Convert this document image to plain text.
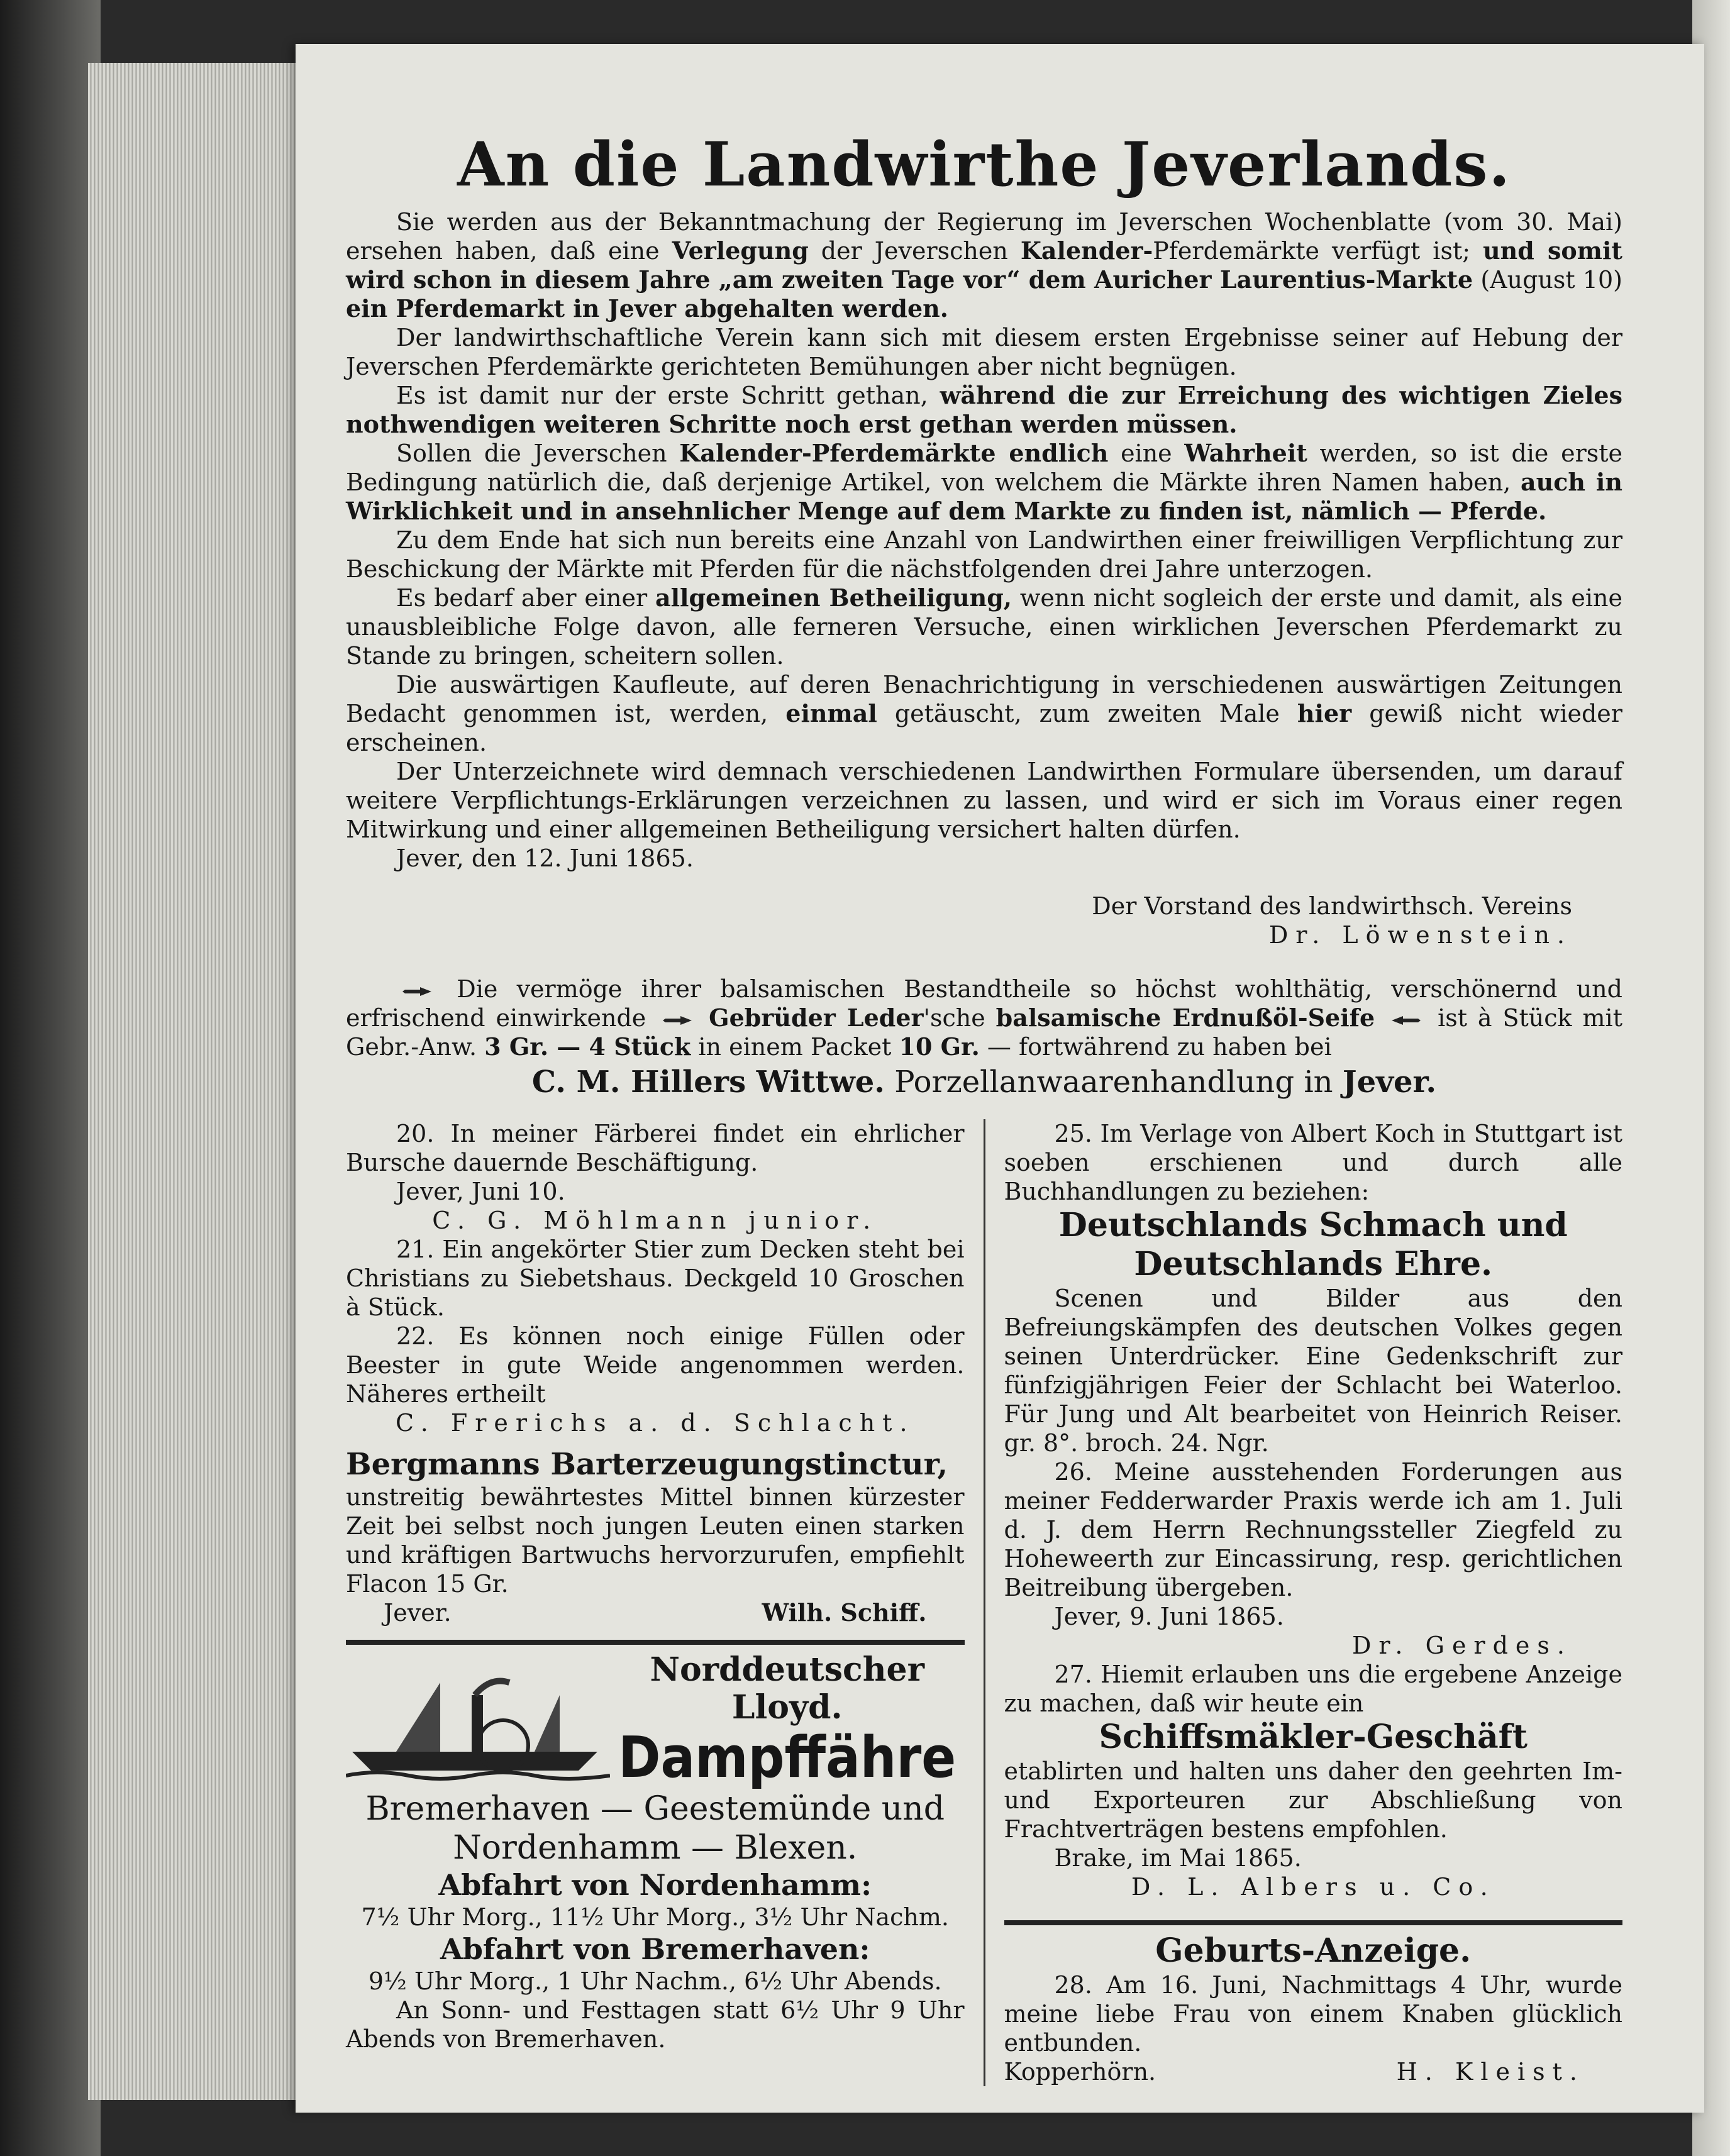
An die Landwirthe Jeverlands.

Sie werden aus der Bekanntmachung der Regierung im Jeverschen Wochenblatte (vom 30. Mai) ersehen haben, daß eine Verlegung der Jeverschen Kalender-Pferdemärkte verfügt ist; und somit wird schon in diesem Jahre „am zweiten Tage vor“ dem Auricher Laurentius-Markte (August 10) ein Pferdemarkt in Jever abgehalten werden.

Der landwirthschaftliche Verein kann sich mit diesem ersten Ergebnisse seiner auf Hebung der Jeverschen Pferdemärkte gerichteten Bemühungen aber nicht begnügen.

Es ist damit nur der erste Schritt gethan, während die zur Erreichung des wichtigen Zieles nothwendigen weiteren Schritte noch erst gethan werden müssen.

Sollen die Jeverschen Kalender-Pferdemärkte endlich eine Wahrheit werden, so ist die erste Bedingung natürlich die, daß derjenige Artikel, von welchem die Märkte ihren Namen haben, auch in Wirklichkeit und in ansehnlicher Menge auf dem Markte zu finden ist, nämlich — Pferde.

Zu dem Ende hat sich nun bereits eine Anzahl von Landwirthen einer freiwilligen Verpflichtung zur Beschickung der Märkte mit Pferden für die nächstfolgenden drei Jahre unterzogen.

Es bedarf aber einer allgemeinen Betheiligung, wenn nicht sogleich der erste und damit, als eine unausbleibliche Folge davon, alle ferneren Versuche, einen wirklichen Jeverschen Pferdemarkt zu Stande zu bringen, scheitern sollen.

Die auswärtigen Kaufleute, auf deren Benachrichtigung in verschiedenen auswärtigen Zeitungen Bedacht genommen ist, werden, einmal getäuscht, zum zweiten Male hier gewiß nicht wieder erscheinen.

Der Unterzeichnete wird demnach verschiedenen Landwirthen Formulare übersenden, um darauf weitere Verpflichtungs-Erklärungen verzeichnen zu lassen, und wird er sich im Voraus einer regen Mitwirkung und einer allgemeinen Betheiligung versichert halten dürfen.

Jever, den 12. Juni 1865.

Der Vorstand des landwirthsch. Vereins

Dr. Löwenstein.

Die vermöge ihrer balsamischen Bestandtheile so höchst wohlthätig, verschönernd und erfrischend einwirkende	Gebrüder Leder'sche balsamische Erdnußöl-Seife	ist à Stück mit Gebr.-Anw. 3 Gr. — 4 Stück in einem Packet 10 Gr. — fortwährend zu haben bei

C. M. Hillers Wittwe. Porzellanwaarenhandlung in Jever.

20. In meiner Färberei findet ein ehrlicher Bursche dauernde Beschäftigung.

Jever, Juni 10.

C. G. Möhlmann junior.

21. Ein angekörter Stier zum Decken steht bei Christians zu Siebetshaus. Deckgeld 10 Groschen à Stück.

22. Es können noch einige Füllen oder Beester in gute Weide angenommen werden. Näheres ertheilt

C. Frerichs a. d. Schlacht.

Bergmanns Barterzeugungstinctur,

unstreitig bewährtestes Mittel binnen kürzester Zeit bei selbst noch jungen Leuten einen starken und kräftigen Bartwuchs hervorzurufen, empfiehlt Flacon 15 Gr.

Jever.	Wilh. Schiff.

Norddeutscher
Lloyd.
Dampffähre
Bremerhaven — Geestemünde und Nordenhamm — Blexen.
Abfahrt von Nordenhamm:

7½ Uhr Morg., 11½ Uhr Morg., 3½ Uhr Nachm.

Abfahrt von Bremerhaven:

9½ Uhr Morg., 1 Uhr Nachm., 6½ Uhr Abends.

An Sonn- und Festtagen statt 6½ Uhr 9 Uhr Abends von Bremerhaven.

25. Im Verlage von Albert Koch in Stuttgart ist soeben erschienen und durch alle Buchhandlungen zu beziehen:

Deutschlands Schmach und
Deutschlands Ehre.

Scenen und Bilder aus den Befreiungskämpfen des deutschen Volkes gegen seinen Unterdrücker. Eine Gedenkschrift zur fünfzigjährigen Feier der Schlacht bei Waterloo. Für Jung und Alt bearbeitet von Heinrich Reiser. gr. 8°. broch. 24. Ngr.

26. Meine ausstehenden Forderungen aus meiner Fedderwarder Praxis werde ich am 1. Juli d. J. dem Herrn Rechnungssteller Ziegfeld zu Hoheweerth zur Eincassirung, resp. gerichtlichen Beitreibung übergeben.

Jever, 9. Juni 1865.

Dr. Gerdes.

27. Hiemit erlauben uns die ergebene Anzeige zu machen, daß wir heute ein

Schiffsmäkler-Geschäft

etablirten und halten uns daher den geehrten Im- und Exporteuren zur Abschließung von Frachtverträgen bestens empfohlen.

Brake, im Mai 1865.

D. L. Albers u. Co.

Geburts-Anzeige.

28. Am 16. Juni, Nachmittags 4 Uhr, wurde meine liebe Frau von einem Knaben glücklich entbunden.

Kopperhörn.	H. Kleist.
